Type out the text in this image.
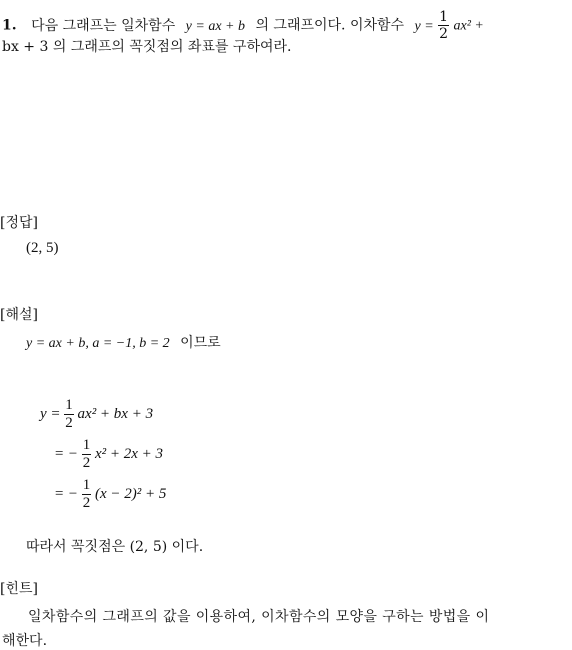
1. 다음 그래프는 일차함수 y = ax + b 의 그래프이다. 이차함수 $y = \frac{1}{2} ax^2$ +
bx + 3 의 그래프의 꼭짓점의 좌표를 구하여라.
[정답]
(2, 5)
[해설]
y = ax + b, a = −1, b = 2 이므로
$y = \frac{1}{2} ax^2$ + bx + 3
= − $\frac{1}{2} x^2 + 2x + 3$
= − $\frac{1}{2} (x - 2)^2 + 5$
따라서 꼭짓점은 (2, 5) 이다.
[힌트]
일차함수의 그래프의 값을 이용하여, 이차함수의 모양을 구하는 방법을 이
해한다.
